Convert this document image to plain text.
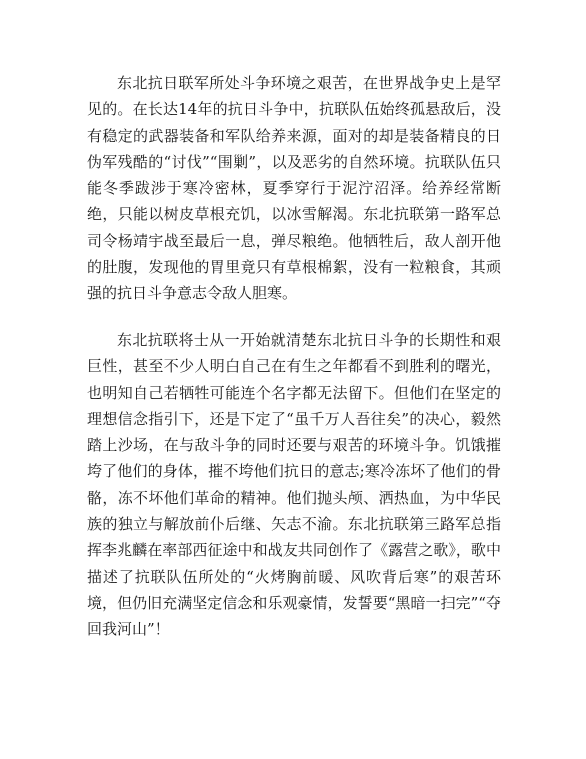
东北抗日联军所处斗争环境之艰苦，在世界战争史上是罕见的。在长达14年的抗日斗争中，抗联队伍始终孤悬敌后，没有稳定的武器装备和军队给养来源，面对的却是装备精良的日伪军残酷的“讨伐”“围剿”，以及恶劣的自然环境。抗联队伍只能冬季跋涉于寒冷密林，夏季穿行于泥泞沼泽。给养经常断绝，只能以树皮草根充饥，以冰雪解渴。东北抗联第一路军总司令杨靖宇战至最后一息，弹尽粮绝。他牺牲后，敌人剖开他的肚腹，发现他的胃里竟只有草根棉絮，没有一粒粮食，其顽强的抗日斗争意志令敌人胆寒。

东北抗联将士从一开始就清楚东北抗日斗争的长期性和艰巨性，甚至不少人明白自己在有生之年都看不到胜利的曙光，也明知自己若牺牲可能连个名字都无法留下。但他们在坚定的理想信念指引下，还是下定了“虽千万人吾往矣”的决心，毅然踏上沙场，在与敌斗争的同时还要与艰苦的环境斗争。饥饿摧垮了他们的身体，摧不垮他们抗日的意志;寒冷冻坏了他们的骨骼，冻不坏他们革命的精神。他们抛头颅、洒热血，为中华民族的独立与解放前仆后继、矢志不渝。东北抗联第三路军总指挥李兆麟在率部西征途中和战友共同创作了《露营之歌》，歌中描述了抗联队伍所处的“火烤胸前暖、风吹背后寒”的艰苦环境，但仍旧充满坚定信念和乐观豪情，发誓要“黑暗一扫完”“夺回我河山”！
